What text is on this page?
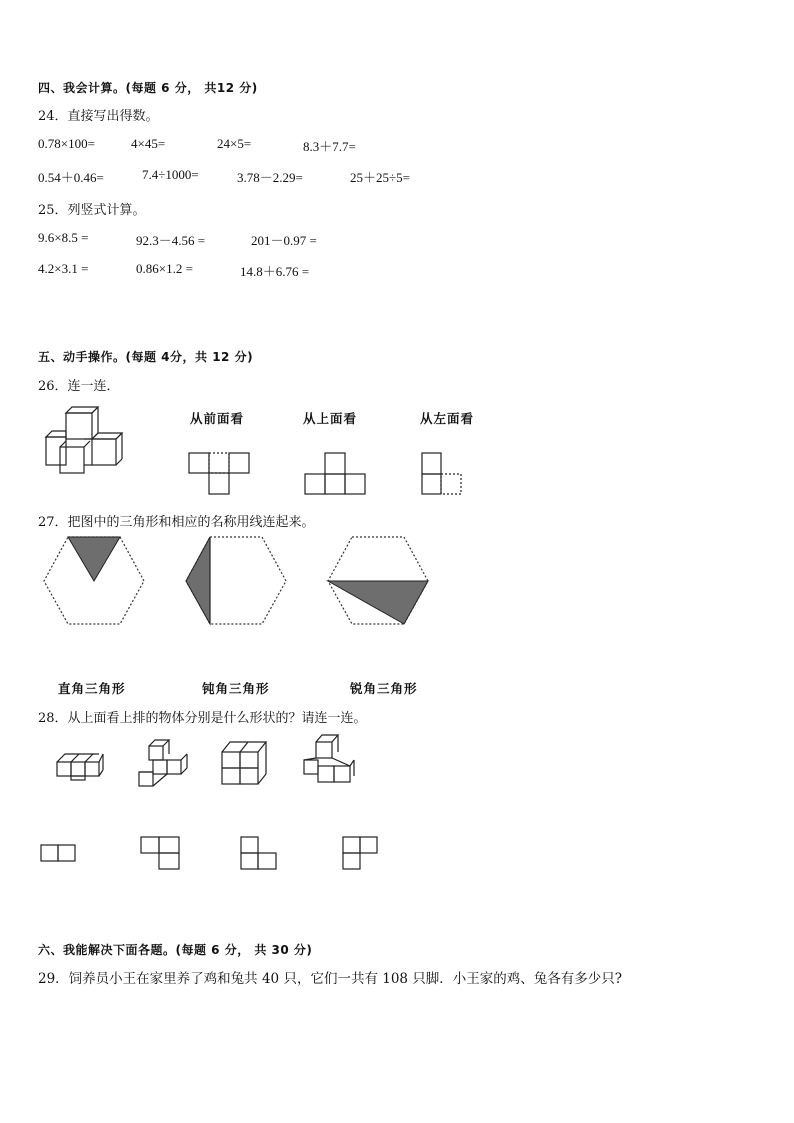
四、我会计算。(每题 6 分， 共12 分)
24．直接写出得数。
0.78×100=	4×45=	24×5=	8.3＋7.7=
0.54＋0.46=	7.4÷1000=	3.78－2.29=	25＋25÷5=
25．列竖式计算。
9.6×8.5 =	92.3－4.56 =	201－0.97 =
4.2×3.1 =	0.86×1.2 =	14.8＋6.76 =
五、动手操作。(每题 4分，共 12 分)
26．连一连．
从前面看	从上面看	从左面看
27．把图中的三角形和相应的名称用线连起来。
直角三角形	钝角三角形	锐角三角形
28．从上面看上排的物体分别是什么形状的？请连一连。
六、我能解决下面各题。(每题 6 分， 共 30 分)
29．饲养员小王在家里养了鸡和兔共 40 只，它们一共有 108 只脚．小王家的鸡、兔各有多少只?
